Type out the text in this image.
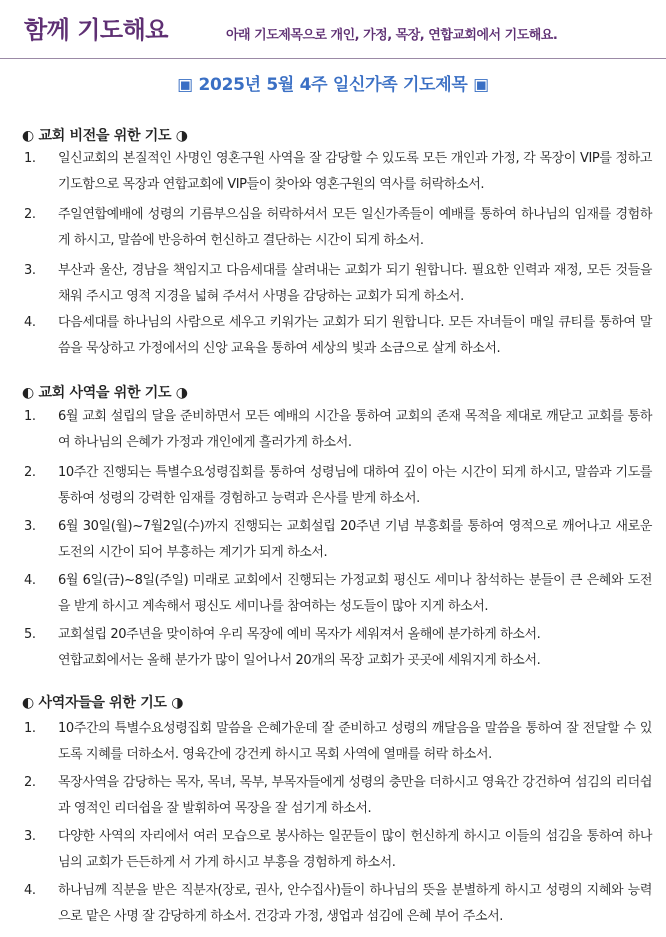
함께 기도해요	아래 기도제목으로 개인, 가정, 목장, 연합교회에서 기도해요.
▣ 2025년 5월 4주 일신가족 기도제목 ▣
◐ 교회 비전을 위한 기도 ◑
1.	일신교회의 본질적인 사명인 영혼구원 사역을 잘 감당할 수 있도록 모든 개인과 가정, 각 목장이 VIP를 정하고 기도함으로 목장과 연합교회에 VIP들이 찾아와 영혼구원의 역사를 허락하소서.
2.	주일연합예배에 성령의 기름부으심을 허락하셔서 모든 일신가족들이 예배를 통하여 하나님의 임재를 경험하게 하시고, 말씀에 반응하여 헌신하고 결단하는 시간이 되게 하소서.
3.	부산과 울산, 경남을 책임지고 다음세대를 살려내는 교회가 되기 원합니다. 필요한 인력과 재정, 모든 것들을 채워 주시고 영적 지경을 넓혀 주셔서 사명을 감당하는 교회가 되게 하소서.
4.	다음세대를 하나님의 사람으로 세우고 키워가는 교회가 되기 원합니다. 모든 자녀들이 매일 큐티를 통하여 말씀을 묵상하고 가정에서의 신앙 교육을 통하여 세상의 빛과 소금으로 살게 하소서.
◐ 교회 사역을 위한 기도 ◑
1.	6월 교회 설립의 달을 준비하면서 모든 예배의 시간을 통하여 교회의 존재 목적을 제대로 깨닫고 교회를 통하여 하나님의 은혜가 가정과 개인에게 흘러가게 하소서.
2.	10주간 진행되는 특별수요성령집회를 통하여 성령님에 대하여 깊이 아는 시간이 되게 하시고, 말씀과 기도를 통하여 성령의 강력한 임재를 경험하고 능력과 은사를 받게 하소서.
3.	6월 30일(월)~7월2일(수)까지 진행되는 교회설립 20주년 기념 부흥회를 통하여 영적으로 깨어나고 새로운 도전의 시간이 되어 부흥하는 계기가 되게 하소서.
4.	6월 6일(금)~8일(주일) 미래로 교회에서 진행되는 가정교회 평신도 세미나 참석하는 분들이 큰 은혜와 도전을 받게 하시고 계속해서 평신도 세미나를 참여하는 성도들이 많아 지게 하소서.
5.	교회설립 20주년을 맞이하여 우리 목장에 예비 목자가 세워져서 올해에 분가하게 하소서.
연합교회에서는 올해 분가가 많이 일어나서 20개의 목장 교회가 곳곳에 세워지게 하소서.
◐ 사역자들을 위한 기도 ◑
1.	10주간의 특별수요성령집회 말씀을 은혜가운데 잘 준비하고 성령의 깨달음을 말씀을 통하여 잘 전달할 수 있도록 지혜를 더하소서. 영육간에 강건케 하시고 목회 사역에 열매를 허락 하소서.
2.	목장사역을 감당하는 목자, 목녀, 목부, 부목자들에게 성령의 충만을 더하시고 영육간 강건하여 섬김의 리더쉽과 영적인 리더쉽을 잘 발휘하여 목장을 잘 섬기게 하소서.
3.	다양한 사역의 자리에서 여러 모습으로 봉사하는 일꾼들이 많이 헌신하게 하시고 이들의 섬김을 통하여 하나님의 교회가 든든하게 서 가게 하시고 부흥을 경험하게 하소서.
4.	하나님께 직분을 받은 직분자(장로, 권사, 안수집사)들이 하나님의 뜻을 분별하게 하시고 성령의 지혜와 능력으로 맡은 사명 잘 감당하게 하소서. 건강과 가정, 생업과 섬김에 은혜 부어 주소서.
